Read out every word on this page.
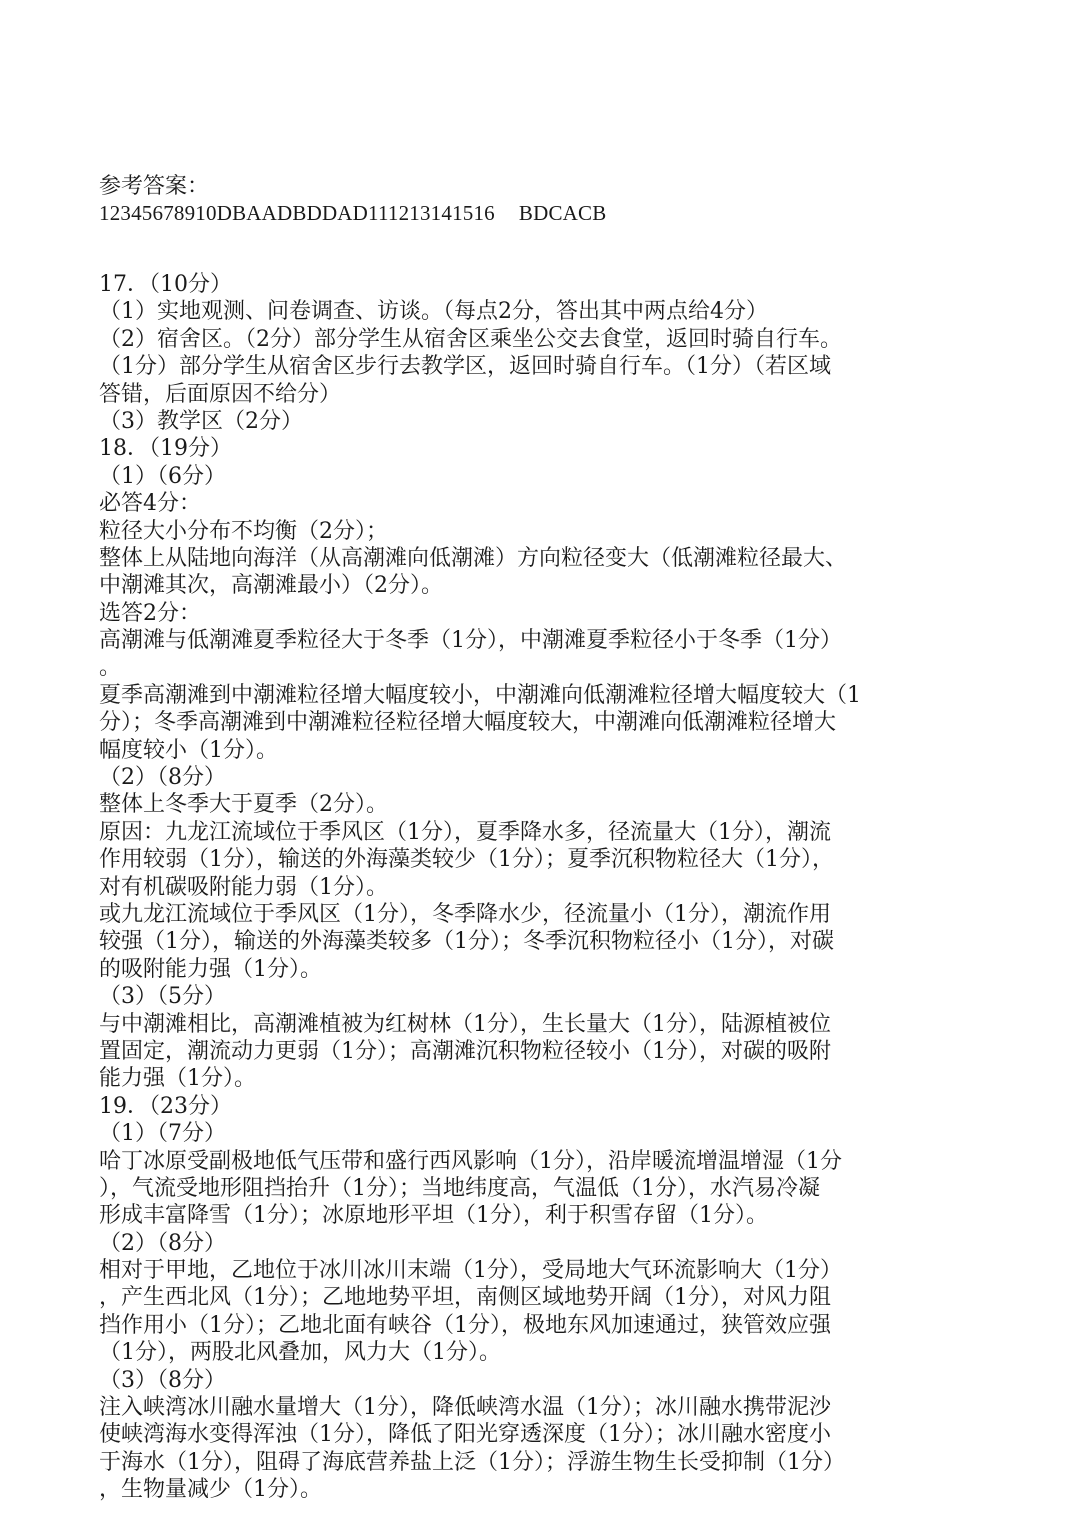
参考答案：
12345678910DBAADBDDAD111213141516 BDCACB
17．（10分）
（1）实地观测、问卷调查、访谈。（每点2分，答出其中两点给4分）
（2）宿舍区。（2分）部分学生从宿舍区乘坐公交去食堂，返回时骑自行车。
（1分）部分学生从宿舍区步行去教学区，返回时骑自行车。（1分）（若区域
答错，后面原因不给分）
（3）教学区（2分）
18．（19分）
（1）（6分）
必答4分：
粒径大小分布不均衡（2分）；
整体上从陆地向海洋（从高潮滩向低潮滩）方向粒径变大（低潮滩粒径最大、
中潮滩其次，高潮滩最小）（2分）。
选答2分：
高潮滩与低潮滩夏季粒径大于冬季（1分），中潮滩夏季粒径小于冬季（1分）
。
夏季高潮滩到中潮滩粒径增大幅度较小，中潮滩向低潮滩粒径增大幅度较大（1
分）；冬季高潮滩到中潮滩粒径粒径增大幅度较大，中潮滩向低潮滩粒径增大
幅度较小（1分）。
（2）（8分）
整体上冬季大于夏季（2分）。
原因：九龙江流域位于季风区（1分），夏季降水多，径流量大（1分），潮流
作用较弱（1分），输送的外海藻类较少（1分）；夏季沉积物粒径大（1分），
对有机碳吸附能力弱（1分）。
或九龙江流域位于季风区（1分），冬季降水少，径流量小（1分），潮流作用
较强（1分），输送的外海藻类较多（1分）；冬季沉积物粒径小（1分），对碳
的吸附能力强（1分）。
（3）（5分）
与中潮滩相比，高潮滩植被为红树林（1分），生长量大（1分），陆源植被位
置固定，潮流动力更弱（1分）；高潮滩沉积物粒径较小（1分），对碳的吸附
能力强（1分）。
19．（23分）
（1）（7分）
哈丁冰原受副极地低气压带和盛行西风影响（1分），沿岸暖流增温增湿（1分
），气流受地形阻挡抬升（1分）；当地纬度高，气温低（1分），水汽易冷凝
形成丰富降雪（1分）；冰原地形平坦（1分），利于积雪存留（1分）。
（2）（8分）
相对于甲地，乙地位于冰川冰川末端（1分），受局地大气环流影响大（1分）
，产生西北风（1分）；乙地地势平坦，南侧区域地势开阔（1分），对风力阻
挡作用小（1分）；乙地北面有峡谷（1分），极地东风加速通过，狭管效应强
（1分），两股北风叠加，风力大（1分）。
（3）（8分）
注入峡湾冰川融水量增大（1分），降低峡湾水温（1分）；冰川融水携带泥沙
使峡湾海水变得浑浊（1分），降低了阳光穿透深度（1分）；冰川融水密度小
于海水（1分），阻碍了海底营养盐上泛（1分）；浮游生物生长受抑制（1分）
，生物量减少（1分）。
